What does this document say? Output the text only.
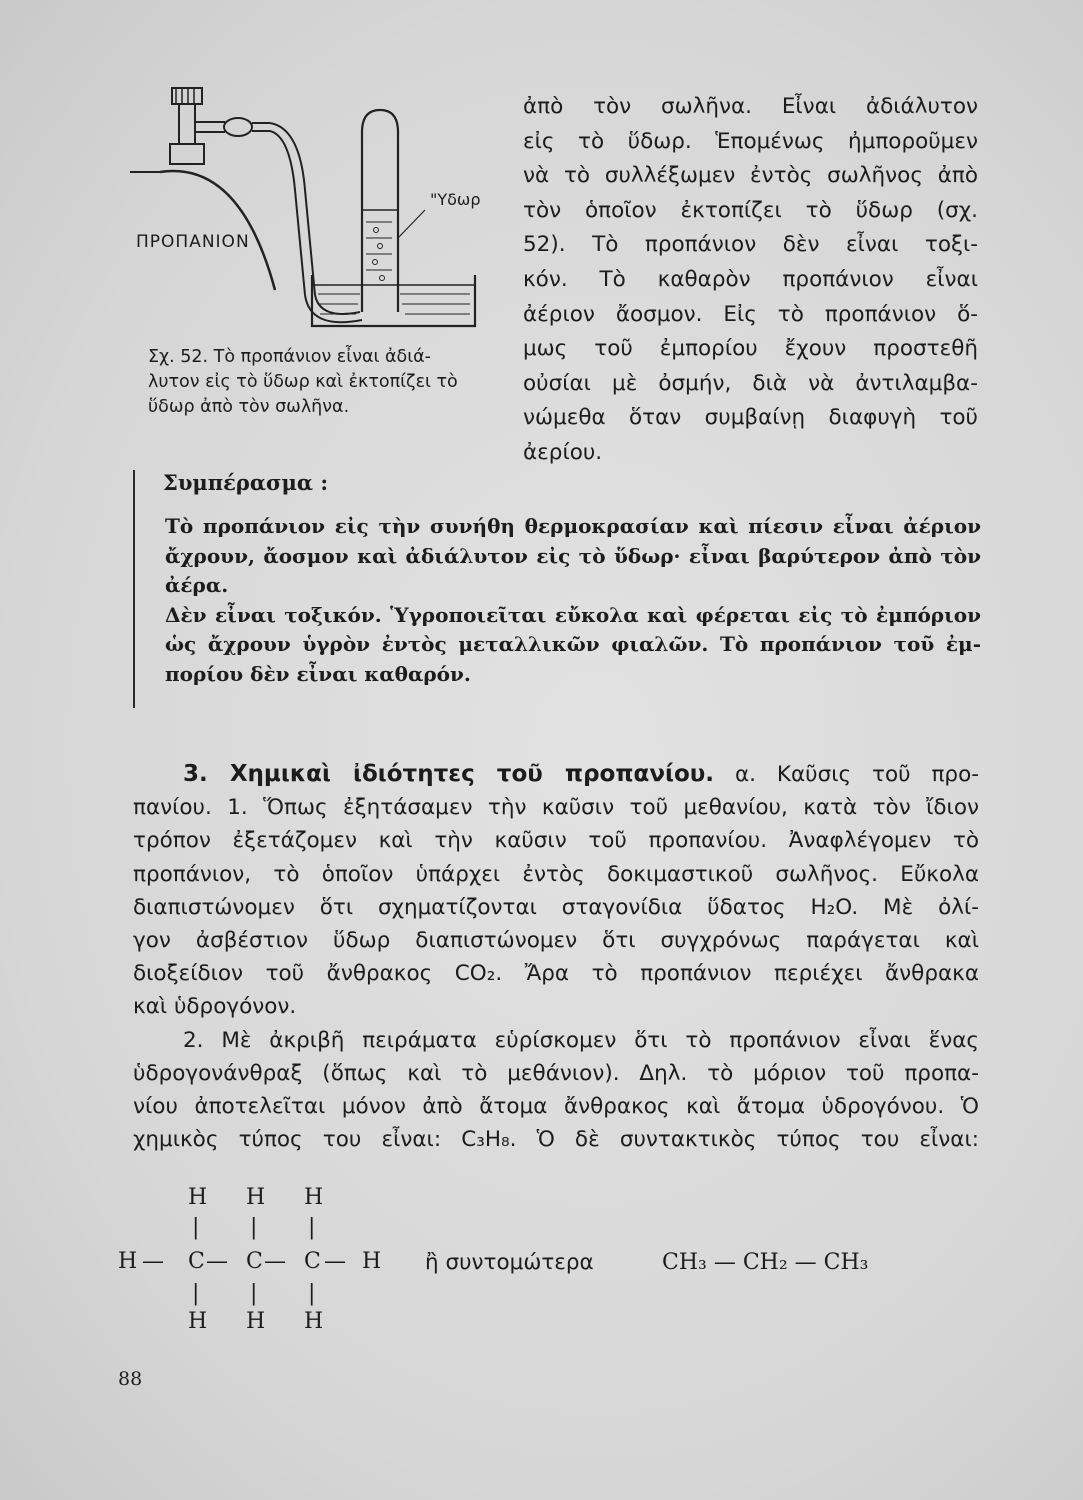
ΠΡΟΠΑΝΙΟΝ
"Υδωρ
Σχ. 52. Τὸ προπάνιον εἶναι ἀδιά-
λυτον εἰς τὸ ὕδωρ καὶ ἐκτοπίζει τὸ
ὕδωρ ἀπὸ τὸν σωλῆνα.
ἀπὸ τὸν σωλῆνα. Εἶναι ἀδιάλυτον
εἰς τὸ ὕδωρ. Ἑπομένως ἠμποροῦμεν
νὰ τὸ συλλέξωμεν ἐντὸς σωλῆνος ἀπὸ
τὸν ὁποῖον ἐκτοπίζει τὸ ὕδωρ (σχ.
52). Τὸ προπάνιον δὲν εἶναι τοξι-
κόν. Τὸ καθαρὸν προπάνιον εἶναι
ἀέριον ἄοσμον. Εἰς τὸ προπάνιον ὅ-
μως τοῦ ἐμπορίου ἔχουν προστεθῆ
οὐσίαι μὲ ὀσμήν, διὰ νὰ ἀντιλαμβα-
νώμεθα ὅταν συμβαίνῃ διαφυγὴ τοῦ
ἀερίου.
Συμπέρασμα :
Τὸ προπάνιον εἰς τὴν συνήθη θερμοκρασίαν καὶ πίεσιν εἶναι ἀέριον
ἄχρουν, ἄοσμον καὶ ἀδιάλυτον εἰς τὸ ὕδωρ· εἶναι βαρύτερον ἀπὸ τὸν
ἀέρα.
Δὲν εἶναι τοξικόν. Ὑγροποιεῖται εὔκολα καὶ φέρεται εἰς τὸ ἐμπόριον
ὡς ἄχρουν ὑγρὸν ἐντὸς μεταλλικῶν φιαλῶν. Τὸ προπάνιον τοῦ ἐμ-
πορίου δὲν εἶναι καθαρόν.
3. Χημικαὶ ἰδιότητες τοῦ προπανίου. α. Καῦσις τοῦ προ-
πανίου. 1. Ὅπως ἐξητάσαμεν τὴν καῦσιν τοῦ μεθανίου, κατὰ τὸν ἴδιον
τρόπον ἐξετάζομεν καὶ τὴν καῦσιν τοῦ προπανίου. Ἀναφλέγομεν τὸ
προπάνιον, τὸ ὁποῖον ὑπάρχει ἐντὸς δοκιμαστικοῦ σωλῆνος. Εὔκολα
διαπιστώνομεν ὅτι σχηματίζονται σταγονίδια ὕδατος H₂O. Μὲ ὀλί-
γον ἀσβέστιον ὕδωρ διαπιστώνομεν ὅτι συγχρόνως παράγεται καὶ
διοξείδιον τοῦ ἄνθρακος CO₂. Ἄρα τὸ προπάνιον περιέχει ἄνθρακα
καὶ ὑδρογόνον.
2. Μὲ ἀκριβῆ πειράματα εὑρίσκομεν ὅτι τὸ προπάνιον εἶναι ἕνας
ὑδρογονάνθραξ (ὅπως καὶ τὸ μεθάνιον). Δηλ. τὸ μόριον τοῦ προπα-
νίου ἀποτελεῖται μόνον ἀπὸ ἄτομα ἄνθρακος καὶ ἄτομα ὑδρογόνου. Ὁ
χημικὸς τύπος του εἶναι: C₃H₈. Ὁ δὲ συντακτικὸς τύπος του εἶναι:
H H H
| | |
H — C — C — C — H
| | |
H H H
ἢ συντομώτερα	CH₃ — CH₂ — CH₃
88
